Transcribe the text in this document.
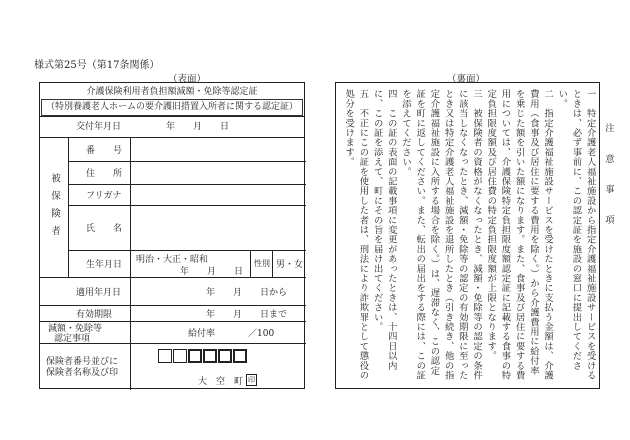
様式第25号（第17条関係）
（表面）	（裏面）
介護保険利用者負担額減額・免除等認定証
（特別養護老人ホームの要介護旧措置入所者に関する認定証）
交付年月日　　　　　年　　月　　日
被保険者
番　　号
住　　所
フリガナ
氏　　名
生年月日
明治・大正・昭和
年　　月　　日
性別 男・女
適用年月日	年　　月　　日から
有効期限	年　　月　　日まで
減額・免除等
認定事項	給付率	／100
保険者番号並びに
保険者名称及び印
大　空　町 印

注　意　事　項

一　特定介護老人福祉施設から指定介護福祉施設サービスを受けるときは、必ず事前に、この認定証を施設の窓口に提出してください。

二　指定介護福祉施設サービスを受けたときに支払う金額は、介護費用（食事及び居住に要する費用を除く。）から介護費用に給付率を乗じた額を引いた額になります。また、食事及び居住に要する費用については、介護保険特定負担限度額認定証に記載する食事の特定負担限度額及び居住費の特定負担限度額が上限となります。

三　被保険者の資格がなくなったとき、減額・免除等の認定の条件に該当しなくなったとき、減額・免除等の認定の有効期限に至ったとき又は特定介護老人福祉施設を退所したとき（引き続き、他の指定介護福祉施設に入所する場合を除く。）は、遅滞なく、この認定証を町に返してください。また、転出の届出をする際には、この証を添えてください。

四　この証の表面の記載事項に変更があったときは、十四日以内に、この証を添えて、町にその旨を届け出てください。

五　不正にこの証を使用した者は、刑法により詐欺罪として懲役の処分を受けます。
